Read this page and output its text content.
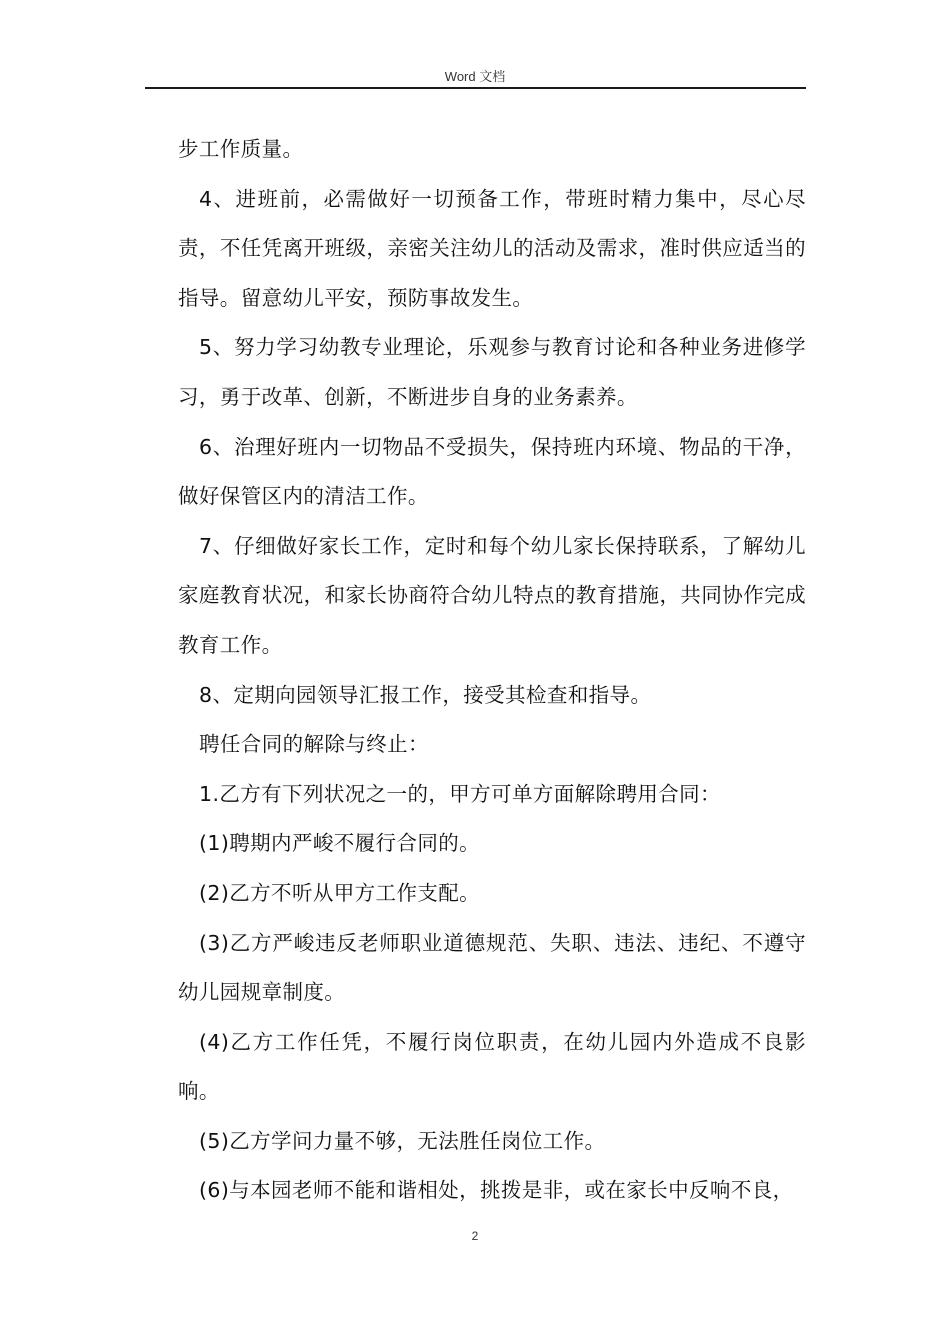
Word 文档

步工作质量。

4、进班前，必需做好一切预备工作，带班时精力集中，尽心尽责，不任凭离开班级，亲密关注幼儿的活动及需求，准时供应适当的指导。留意幼儿平安，预防事故发生。

5、努力学习幼教专业理论，乐观参与教育讨论和各种业务进修学习，勇于改革、创新，不断进步自身的业务素养。

6、治理好班内一切物品不受损失，保持班内环境、物品的干净，做好保管区内的清洁工作。

7、仔细做好家长工作，定时和每个幼儿家长保持联系，了解幼儿家庭教育状况，和家长协商符合幼儿特点的教育措施，共同协作完成教育工作。

8、定期向园领导汇报工作，接受其检查和指导。

聘任合同的解除与终止：

1.乙方有下列状况之一的，甲方可单方面解除聘用合同：

(1)聘期内严峻不履行合同的。

(2)乙方不听从甲方工作支配。

(3)乙方严峻违反老师职业道德规范、失职、违法、违纪、不遵守幼儿园规章制度。

(4)乙方工作任凭，不履行岗位职责，在幼儿园内外造成不良影响。

(5)乙方学问力量不够，无法胜任岗位工作。

(6)与本园老师不能和谐相处，挑拨是非，或在家长中反响不良，

2
